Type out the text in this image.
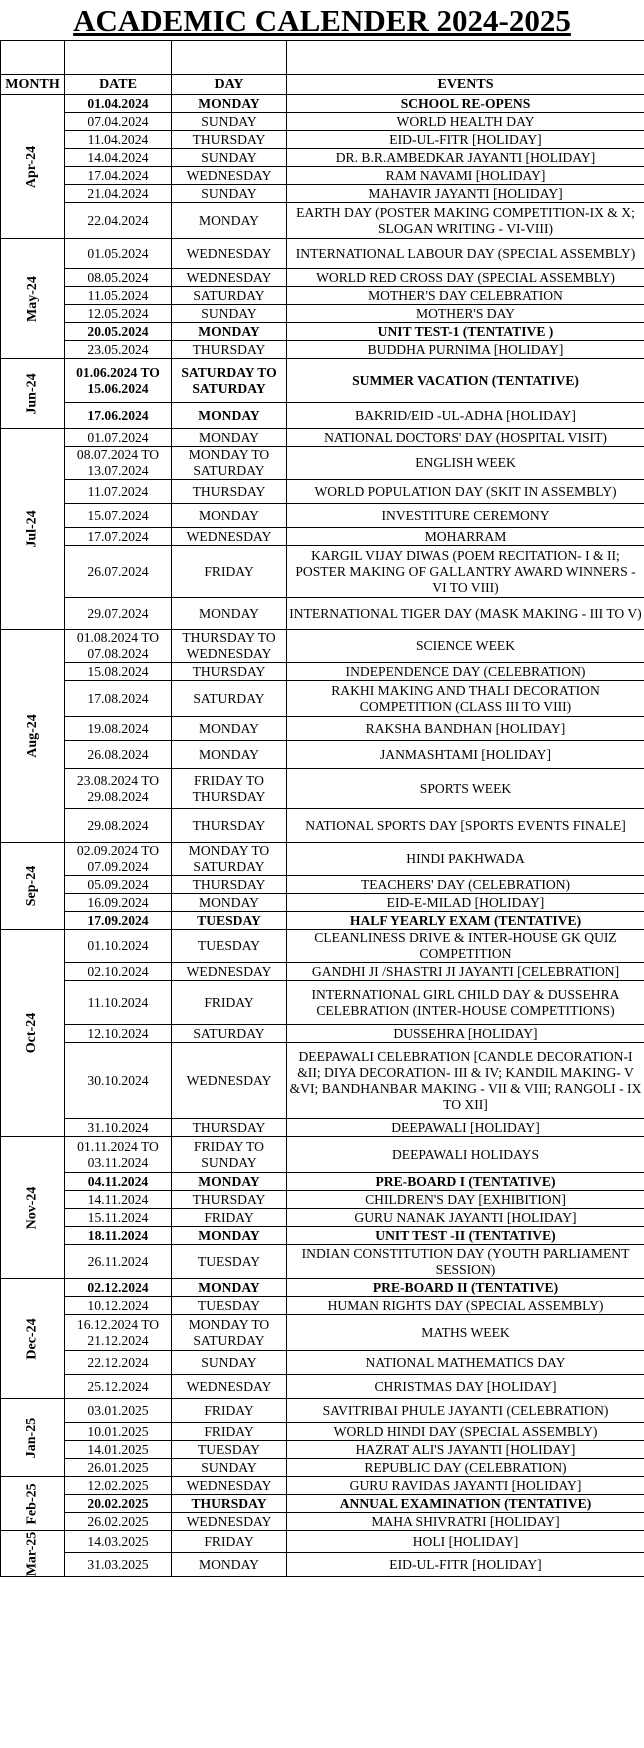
ACADEMIC CALENDER 2024-2025

MONTH	DATE	DAY	EVENTS
Apr-24	01.04.2024	MONDAY	SCHOOL RE-OPENS
	07.04.2024	SUNDAY	WORLD HEALTH DAY
	11.04.2024	THURSDAY	EID-UL-FITR [HOLIDAY]
	14.04.2024	SUNDAY	DR. B.R.AMBEDKAR JAYANTI [HOLIDAY]
	17.04.2024	WEDNESDAY	RAM NAVAMI [HOLIDAY]
	21.04.2024	SUNDAY	MAHAVIR JAYANTI [HOLIDAY]
	22.04.2024	MONDAY	EARTH DAY (POSTER MAKING COMPETITION-IX & X; SLOGAN WRITING - VI-VIII)
May-24	01.05.2024	WEDNESDAY	INTERNATIONAL LABOUR DAY (SPECIAL ASSEMBLY)
	08.05.2024	WEDNESDAY	WORLD RED CROSS DAY (SPECIAL ASSEMBLY)
	11.05.2024	SATURDAY	MOTHER'S DAY CELEBRATION
	12.05.2024	SUNDAY	MOTHER'S DAY
	20.05.2024	MONDAY	UNIT TEST-1 (TENTATIVE )
	23.05.2024	THURSDAY	BUDDHA PURNIMA [HOLIDAY]
Jun-24	01.06.2024 TO 15.06.2024	SATURDAY TO SATURDAY	SUMMER VACATION (TENTATIVE)
	17.06.2024	MONDAY	BAKRID/EID -UL-ADHA [HOLIDAY]
Jul-24	01.07.2024	MONDAY	NATIONAL DOCTORS' DAY (HOSPITAL VISIT)
	08.07.2024 TO 13.07.2024	MONDAY TO SATURDAY	ENGLISH WEEK
	11.07.2024	THURSDAY	WORLD POPULATION DAY (SKIT IN ASSEMBLY)
	15.07.2024	MONDAY	INVESTITURE CEREMONY
	17.07.2024	WEDNESDAY	MOHARRAM
	26.07.2024	FRIDAY	KARGIL VIJAY DIWAS (POEM RECITATION- I & II; POSTER MAKING OF GALLANTRY AWARD WINNERS - VI TO VIII)
	29.07.2024	MONDAY	INTERNATIONAL TIGER DAY (MASK MAKING - III TO V)
Aug-24	01.08.2024 TO 07.08.2024	THURSDAY TO WEDNESDAY	SCIENCE WEEK
	15.08.2024	THURSDAY	INDEPENDENCE DAY (CELEBRATION)
	17.08.2024	SATURDAY	RAKHI MAKING AND THALI DECORATION COMPETITION (CLASS III TO VIII)
	19.08.2024	MONDAY	RAKSHA BANDHAN [HOLIDAY]
	26.08.2024	MONDAY	JANMASHTAMI [HOLIDAY]
	23.08.2024 TO 29.08.2024	FRIDAY TO THURSDAY	SPORTS WEEK
	29.08.2024	THURSDAY	NATIONAL SPORTS DAY [SPORTS EVENTS FINALE]
Sep-24	02.09.2024 TO 07.09.2024	MONDAY TO SATURDAY	HINDI PAKHWADA
	05.09.2024	THURSDAY	TEACHERS' DAY (CELEBRATION)
	16.09.2024	MONDAY	EID-E-MILAD [HOLIDAY]
	17.09.2024	TUESDAY	HALF YEARLY EXAM (TENTATIVE)
Oct-24	01.10.2024	TUESDAY	CLEANLINESS DRIVE & INTER-HOUSE GK QUIZ COMPETITION
	02.10.2024	WEDNESDAY	GANDHI JI /SHASTRI JI JAYANTI [CELEBRATION]
	11.10.2024	FRIDAY	INTERNATIONAL GIRL CHILD DAY & DUSSEHRA CELEBRATION (INTER-HOUSE COMPETITIONS)
	12.10.2024	SATURDAY	DUSSEHRA [HOLIDAY]
	30.10.2024	WEDNESDAY	DEEPAWALI CELEBRATION [CANDLE DECORATION-I &II; DIYA DECORATION- III & IV; KANDIL MAKING- V &VI; BANDHANBAR MAKING - VII & VIII; RANGOLI - IX TO XII]
	31.10.2024	THURSDAY	DEEPAWALI [HOLIDAY]
Nov-24	01.11.2024 TO 03.11.2024	FRIDAY TO SUNDAY	DEEPAWALI HOLIDAYS
	04.11.2024	MONDAY	PRE-BOARD I (TENTATIVE)
	14.11.2024	THURSDAY	CHILDREN'S DAY [EXHIBITION]
	15.11.2024	FRIDAY	GURU NANAK JAYANTI [HOLIDAY]
	18.11.2024	MONDAY	UNIT TEST -II (TENTATIVE)
	26.11.2024	TUESDAY	INDIAN CONSTITUTION DAY (YOUTH PARLIAMENT SESSION)
Dec-24	02.12.2024	MONDAY	PRE-BOARD II (TENTATIVE)
	10.12.2024	TUESDAY	HUMAN RIGHTS DAY (SPECIAL ASSEMBLY)
	16.12.2024 TO 21.12.2024	MONDAY TO SATURDAY	MATHS WEEK
	22.12.2024	SUNDAY	NATIONAL MATHEMATICS DAY
	25.12.2024	WEDNESDAY	CHRISTMAS DAY [HOLIDAY]
Jan-25	03.01.2025	FRIDAY	SAVITRIBAI PHULE JAYANTI (CELEBRATION)
	10.01.2025	FRIDAY	WORLD HINDI DAY (SPECIAL ASSEMBLY)
	14.01.2025	TUESDAY	HAZRAT ALI'S JAYANTI [HOLIDAY]
	26.01.2025	SUNDAY	REPUBLIC DAY (CELEBRATION)
Feb-25	12.02.2025	WEDNESDAY	GURU RAVIDAS JAYANTI [HOLIDAY]
	20.02.2025	THURSDAY	ANNUAL EXAMINATION (TENTATIVE)
	26.02.2025	WEDNESDAY	MAHA SHIVRATRI [HOLIDAY]
Mar-25	14.03.2025	FRIDAY	HOLI [HOLIDAY]
	31.03.2025	MONDAY	EID-UL-FITR [HOLIDAY]
